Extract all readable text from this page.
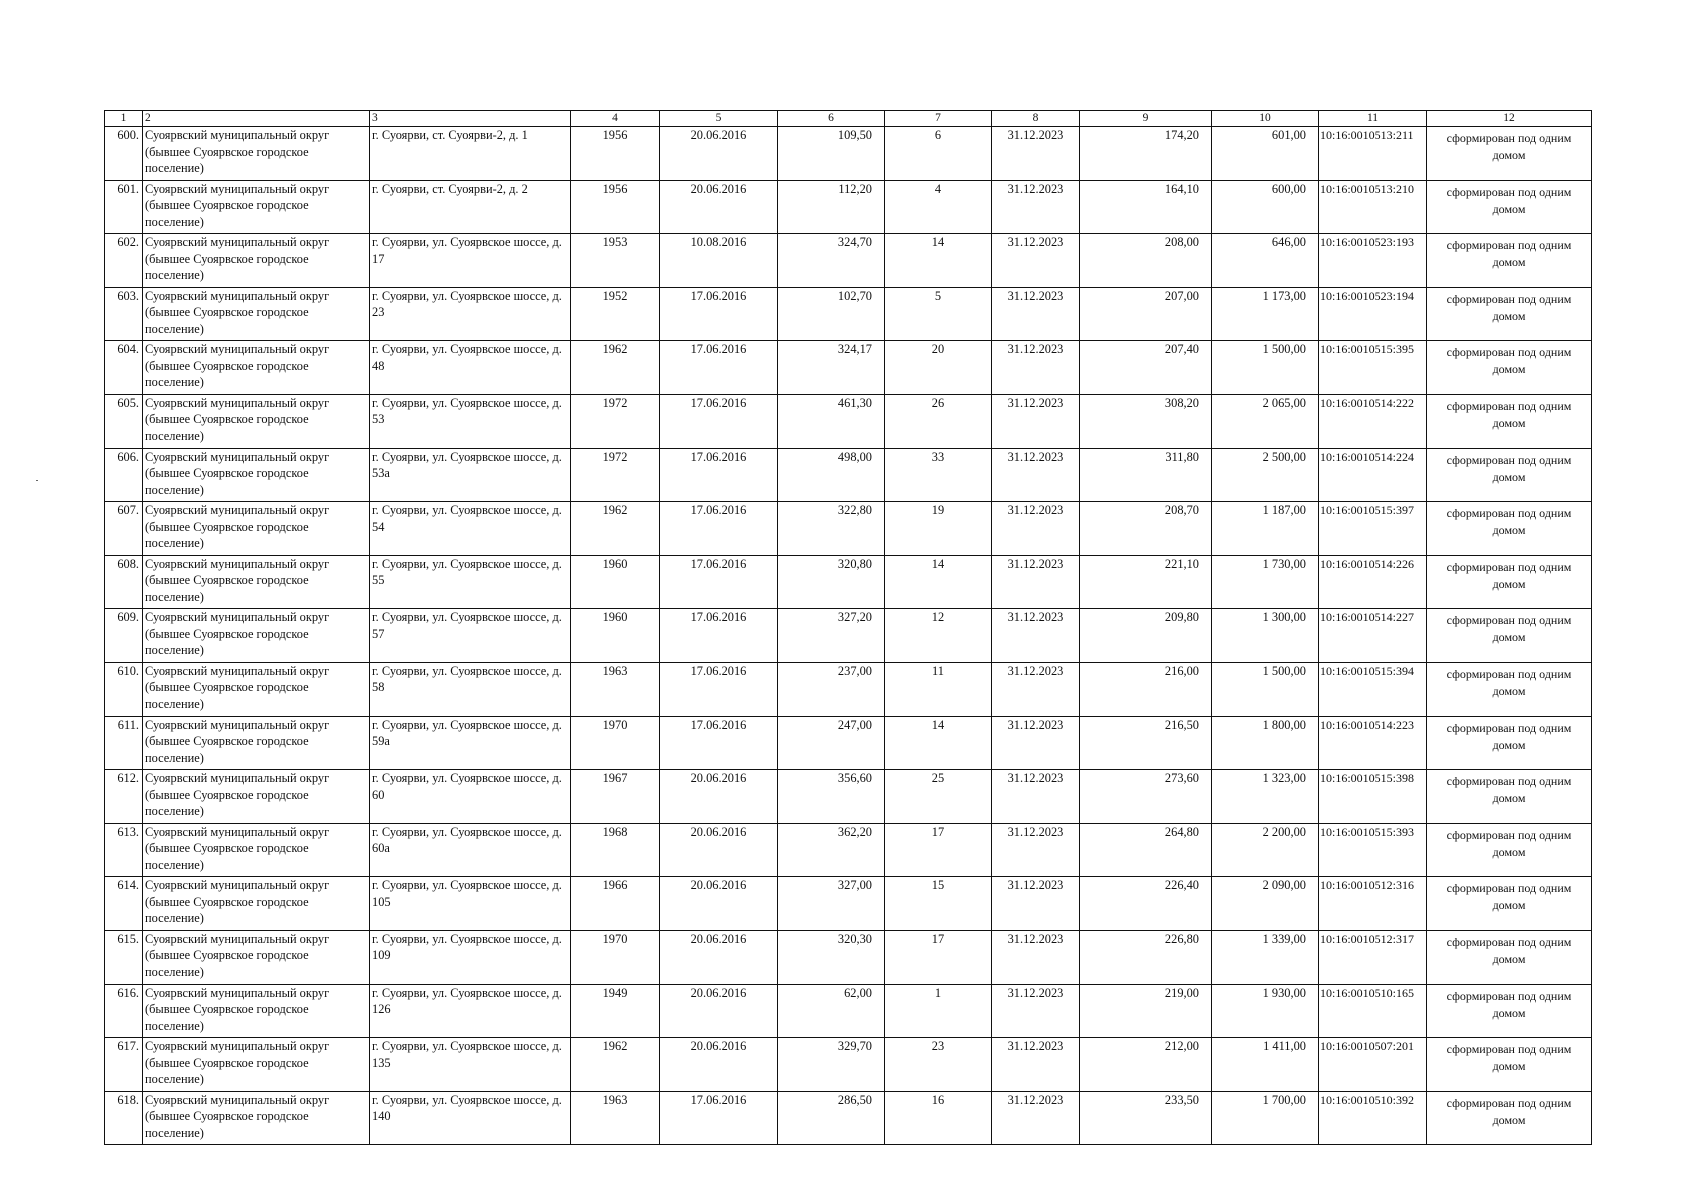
1	2	3	4	5	6	7	8	9	10	11	12
600.	Суоярвский муниципальный округ (бывшее Суоярвское городское поселение)	г. Суоярви, ст. Суоярви-2, д. 1	1956	20.06.2016	109,50	6	31.12.2023	174,20	601,00	10:16:0010513:211	сформирован под одним домом
601.	Суоярвский муниципальный округ (бывшее Суоярвское городское поселение)	г. Суоярви, ст. Суоярви-2, д. 2	1956	20.06.2016	112,20	4	31.12.2023	164,10	600,00	10:16:0010513:210	сформирован под одним домом
602.	Суоярвский муниципальный округ (бывшее Суоярвское городское поселение)	г. Суоярви, ул. Суоярвское шоссе, д. 17	1953	10.08.2016	324,70	14	31.12.2023	208,00	646,00	10:16:0010523:193	сформирован под одним домом
603.	Суоярвский муниципальный округ (бывшее Суоярвское городское поселение)	г. Суоярви, ул. Суоярвское шоссе, д. 23	1952	17.06.2016	102,70	5	31.12.2023	207,00	1 173,00	10:16:0010523:194	сформирован под одним домом
604.	Суоярвский муниципальный округ (бывшее Суоярвское городское поселение)	г. Суоярви, ул. Суоярвское шоссе, д. 48	1962	17.06.2016	324,17	20	31.12.2023	207,40	1 500,00	10:16:0010515:395	сформирован под одним домом
605.	Суоярвский муниципальный округ (бывшее Суоярвское городское поселение)	г. Суоярви, ул. Суоярвское шоссе, д. 53	1972	17.06.2016	461,30	26	31.12.2023	308,20	2 065,00	10:16:0010514:222	сформирован под одним домом
606.	Суоярвский муниципальный округ (бывшее Суоярвское городское поселение)	г. Суоярви, ул. Суоярвское шоссе, д. 53а	1972	17.06.2016	498,00	33	31.12.2023	311,80	2 500,00	10:16:0010514:224	сформирован под одним домом
607.	Суоярвский муниципальный округ (бывшее Суоярвское городское поселение)	г. Суоярви, ул. Суоярвское шоссе, д. 54	1962	17.06.2016	322,80	19	31.12.2023	208,70	1 187,00	10:16:0010515:397	сформирован под одним домом
608.	Суоярвский муниципальный округ (бывшее Суоярвское городское поселение)	г. Суоярви, ул. Суоярвское шоссе, д. 55	1960	17.06.2016	320,80	14	31.12.2023	221,10	1 730,00	10:16:0010514:226	сформирован под одним домом
609.	Суоярвский муниципальный округ (бывшее Суоярвское городское поселение)	г. Суоярви, ул. Суоярвское шоссе, д. 57	1960	17.06.2016	327,20	12	31.12.2023	209,80	1 300,00	10:16:0010514:227	сформирован под одним домом
610.	Суоярвский муниципальный округ (бывшее Суоярвское городское поселение)	г. Суоярви, ул. Суоярвское шоссе, д. 58	1963	17.06.2016	237,00	11	31.12.2023	216,00	1 500,00	10:16:0010515:394	сформирован под одним домом
611.	Суоярвский муниципальный округ (бывшее Суоярвское городское поселение)	г. Суоярви, ул. Суоярвское шоссе, д. 59а	1970	17.06.2016	247,00	14	31.12.2023	216,50	1 800,00	10:16:0010514:223	сформирован под одним домом
612.	Суоярвский муниципальный округ (бывшее Суоярвское городское поселение)	г. Суоярви, ул. Суоярвское шоссе, д. 60	1967	20.06.2016	356,60	25	31.12.2023	273,60	1 323,00	10:16:0010515:398	сформирован под одним домом
613.	Суоярвский муниципальный округ (бывшее Суоярвское городское поселение)	г. Суоярви, ул. Суоярвское шоссе, д. 60а	1968	20.06.2016	362,20	17	31.12.2023	264,80	2 200,00	10:16:0010515:393	сформирован под одним домом
614.	Суоярвский муниципальный округ (бывшее Суоярвское городское поселение)	г. Суоярви, ул. Суоярвское шоссе, д. 105	1966	20.06.2016	327,00	15	31.12.2023	226,40	2 090,00	10:16:0010512:316	сформирован под одним домом
615.	Суоярвский муниципальный округ (бывшее Суоярвское городское поселение)	г. Суоярви, ул. Суоярвское шоссе, д. 109	1970	20.06.2016	320,30	17	31.12.2023	226,80	1 339,00	10:16:0010512:317	сформирован под одним домом
616.	Суоярвский муниципальный округ (бывшее Суоярвское городское поселение)	г. Суоярви, ул. Суоярвское шоссе, д. 126	1949	20.06.2016	62,00	1	31.12.2023	219,00	1 930,00	10:16:0010510:165	сформирован под одним домом
617.	Суоярвский муниципальный округ (бывшее Суоярвское городское поселение)	г. Суоярви, ул. Суоярвское шоссе, д. 135	1962	20.06.2016	329,70	23	31.12.2023	212,00	1 411,00	10:16:0010507:201	сформирован под одним домом
618.	Суоярвский муниципальный округ (бывшее Суоярвское городское поселение)	г. Суоярви, ул. Суоярвское шоссе, д. 140	1963	17.06.2016	286,50	16	31.12.2023	233,50	1 700,00	10:16:0010510:392	сформирован под одним домом
